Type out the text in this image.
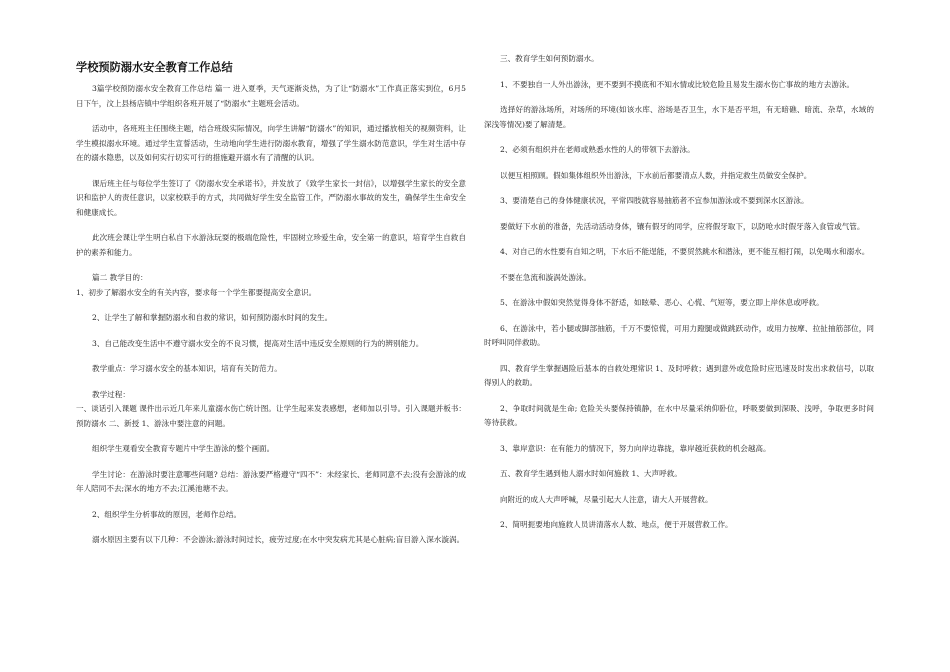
学校预防溺水安全教育工作总结

3篇学校预防溺水安全教育工作总结 篇一 进入夏季，天气逐渐炎热，为了让“防溺水”工作真正落实到位，6月5日下午，汶上县杨店镇中学组织各班开展了“防溺水”主题班会活动。

活动中，各班班主任围绕主题，结合班级实际情况，向学生讲解“防溺水”的知识，通过播放相关的视频资料，让学生模拟溺水环境。通过学生宣誓活动，生动地向学生进行防溺水教育，增强了学生溺水防范意识，学生对生活中存在的溺水隐患，以及如何实行切实可行的措施避开溺水有了清醒的认识。

课后班主任与每位学生签订了《防溺水安全承诺书》，并发放了《致学生家长一封信》，以增强学生家长的安全意识和监护人的责任意识，以家校联手的方式，共同做好学生安全监管工作，严防溺水事故的发生，确保学生生命安全和健康成长。

此次班会课让学生明白私自下水游泳玩耍的极端危险性，牢固树立珍爱生命，安全第一的意识，培育学生自救自护的素养和能力。

篇二 教学目的：

1、初步了解溺水安全的有关内容，要求每一个学生都要提高安全意识。

2、让学生了解和掌握防溺水和自救的常识，如何预防溺水时间的发生。

3、自己能改变生活中不遵守溺水安全的不良习惯，提高对生活中违反安全原则的行为的辨别能力。

教学重点：学习溺水安全的基本知识，培育有关防范力。

教学过程：

一、谈话引入课题 课件出示近几年来儿童溺水伤亡统计图。让学生起来发表感想，老师加以引导。引入课题并板书：预防溺水 二、新授 1、游泳中要注意的问题。

组织学生观看安全教育专题片中学生游泳的整个画面。

学生讨论：在游泳时要注意哪些问题? 总结：游泳要严格遵守“四不”：未经家长、老师同意不去;没有会游泳的成年人陪同不去;深水的地方不去;江溪池塘不去。

2、组织学生分析事故的原因，老师作总结。

溺水原因主要有以下几种：不会游泳;游泳时间过长，疲劳过度;在水中突发病尤其是心脏病;盲目游入深水漩涡。

三、教育学生如何预防溺水。

1、不要独自一人外出游泳，更不要到不摸底和不知水情或比较危险且易发生溺水伤亡事故的地方去游泳。

选择好的游泳场所，对场所的环境(如该水库、浴场是否卫生，水下是否平坦，有无暗礁、暗流、杂草，水域的深浅等情况)要了解清楚。

2、必须有组织并在老师或熟悉水性的人的带领下去游泳。

以便互相照顾。假如集体组织外出游泳，下水前后都要清点人数，并指定救生员做安全保护。

3、要清楚自己的身体健康状况，平常四肢就容易抽筋者不宜参加游泳或不要到深水区游泳。

要做好下水前的准备，先活动活动身体，镶有假牙的同学，应将假牙取下，以防呛水时假牙落入食管或气管。

4、对自己的水性要有自知之明，下水后不能逞能，不要贸然跳水和潜泳，更不能互相打闹，以免喝水和溺水。

不要在急流和漩涡处游泳。

5、在游泳中假如突然觉得身体不舒适，如眩晕、恶心、心慌、气短等，要立即上岸休息或呼救。

6、在游泳中，若小腿或脚部抽筋，千万不要惊慌，可用力蹬腿或做跳跃动作，或用力按摩、拉扯抽筋部位，同时呼叫同伴救助。

四、教育学生掌握遇险后基本的自救处理常识 1、及时呼救；遇到意外或危险时应迅速及时发出求救信号，以取得别人的救助。

2、争取时间就是生命; 危险关头要保持镇静，在水中尽量采纳仰卧位，呼吸要做到深吸、浅呼，争取更多时间等待获救。

3、靠岸意识：在有能力的情况下，努力向岸边靠拢，靠岸越近获救的机会越高。

五、教育学生遇到他人溺水时如何施救 1、大声呼救。

向附近的成人大声呼喊，尽量引起大人注意，请大人开展营救。

2、简明扼要地向施救人员讲清落水人数、地点，便于开展营救工作。
